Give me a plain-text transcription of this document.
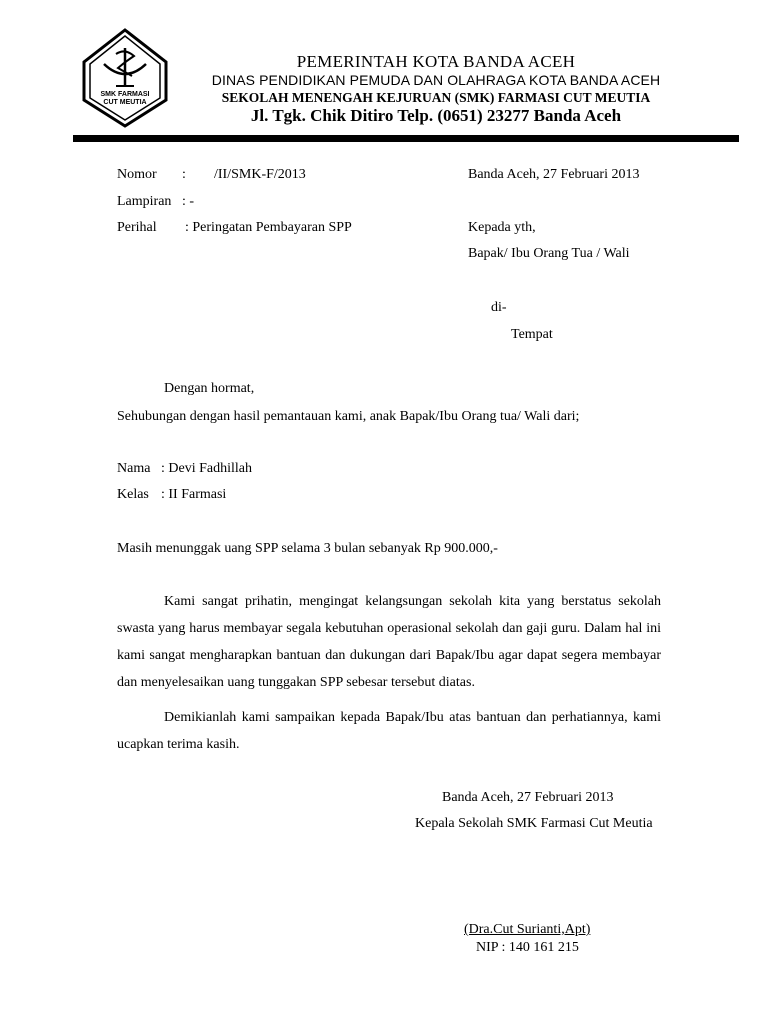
SMK FARMASI
CUT MEUTIA
PEMERINTAH KOTA BANDA ACEH
DINAS PENDIDIKAN PEMUDA DAN OLAHRAGA KOTA BANDA ACEH
SEKOLAH MENENGAH KEJURUAN (SMK) FARMASI CUT MEUTIA
Jl. Tgk. Chik Ditiro Telp. (0651) 23277 Banda Aceh
Nomor : /II/SMK-F/2013	Banda Aceh, 27 Februari 2013
Lampiran : -
Perihal : Peringatan Pembayaran SPP	Kepada yth,
Bapak/ Ibu Orang Tua / Wali
di-
Tempat
Dengan hormat,
Sehubungan dengan hasil pemantauan kami, anak Bapak/Ibu Orang tua/ Wali dari;
Nama : Devi Fadhillah
Kelas : II Farmasi
Masih menunggak uang SPP selama 3 bulan sebanyak Rp 900.000,-
Kami sangat prihatin, mengingat kelangsungan sekolah kita yang berstatus sekolah swasta yang harus membayar segala kebutuhan operasional sekolah dan gaji guru. Dalam hal ini kami sangat mengharapkan bantuan dan dukungan dari Bapak/Ibu agar dapat segera membayar dan menyelesaikan uang tunggakan SPP sebesar tersebut diatas.
Demikianlah kami sampaikan kepada Bapak/Ibu atas bantuan dan perhatiannya, kami ucapkan terima kasih.
Banda Aceh, 27 Februari 2013
Kepala Sekolah SMK Farmasi Cut Meutia
(Dra.Cut Surianti,Apt)
NIP : 140 161 215
